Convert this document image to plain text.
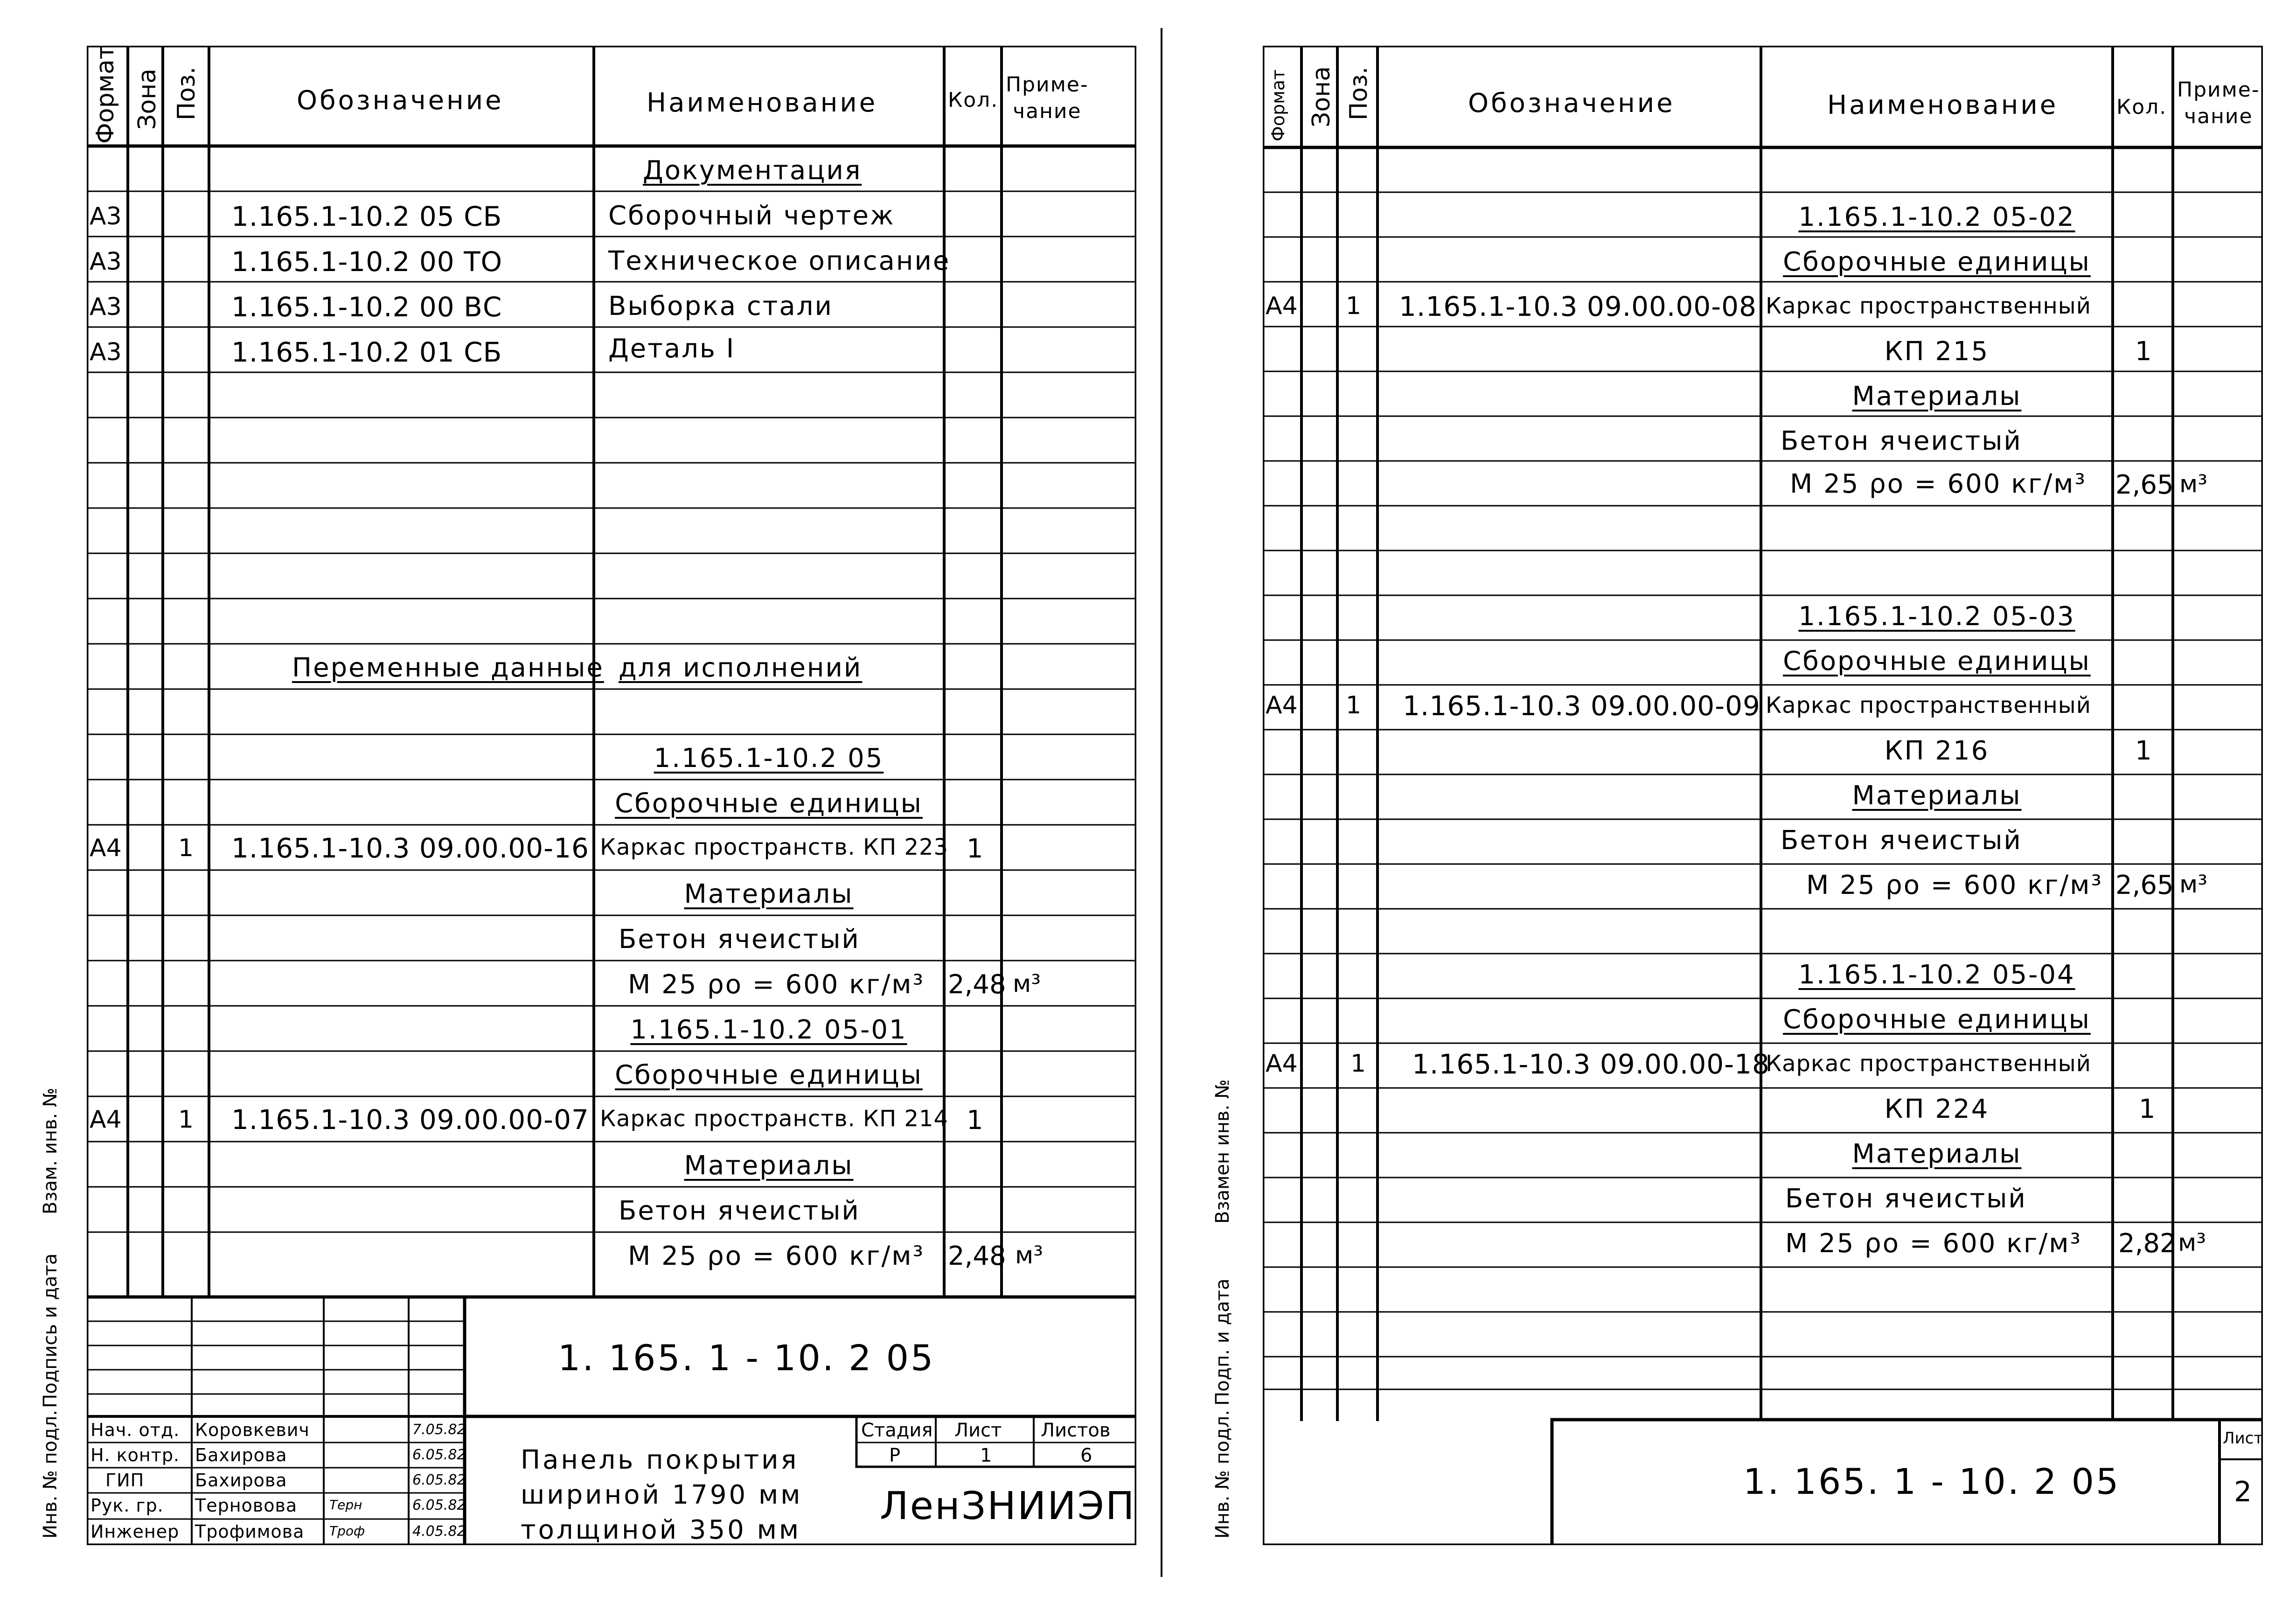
Формат Зона Поз.	Обозначение	Наименование	Кол.
Приме-
чание
Документация
А3	1.165.1-10.2 05 СБ	Сборочный чертеж
А3	1.165.1-10.2 00 ТО	Техническое описание
А3	1.165.1-10.2 00 ВС	Выборка стали
А3	1.165.1-10.2 01 СБ	Деталь I
Переменные данные для исполнений
1.165.1-10.2 05
Сборочные единицы
А4 1 1.165.1-10.3 09.00.00-16 Каркас пространств. КП 223 1
Материалы
Бетон ячеистый
М 25 ρо = 600 кг/м³ 2,48 м³
1.165.1-10.2 05-01
Сборочные единицы
А4 1 1.165.1-10.3 09.00.00-07 Каркас пространств. КП 214 1
Материалы
Бетон ячеистый
М 25 ρо = 600 кг/м³ 2,48 м³
Взам. инв. №
Подпись и дата
Инв. № подл.
1. 165. 1 - 10. 2 05
Панель покрытия
шириной 1790 мм
толщиной 350 мм
Стадия Лист Листов
Р	1	6
ЛенЗНИИЭП
Нач. отд. Коровкевич	7.05.82
Н. контр. Бахирова	6.05.82
ГИП	Бахирова	6.05.82
Рук. гр. Терновова Терн	6.05.82
Инженер Трофимова Троф	4.05.82
Формат Зона Поз.	Обозначение	Наименование	Кол.
Приме-
чание
1.165.1-10.2 05-02
Сборочные единицы
А4 1 1.165.1-10.3 09.00.00-08 Каркас пространственный
КП 215	1
Материалы
Бетон ячеистый
М 25 ρо = 600 кг/м³ 2,65 м³
1.165.1-10.2 05-03
Сборочные единицы
А4 1 1.165.1-10.3 09.00.00-09 Каркас пространственный
КП 216	1
Материалы
Бетон ячеистый
М 25 ρо = 600 кг/м³ 2,65 м³
1.165.1-10.2 05-04
Сборочные единицы
А4 1 1.165.1-10.3 09.00.00-18
Каркас пространственный
КП 224	1
Материалы
Бетон ячеистый
М 25 ρо = 600 кг/м³ 2,82 м³
Взамен инв. №
Подп. и дата
Инв. № подл.	1. 165. 1 - 10. 2 05
Лист
2
